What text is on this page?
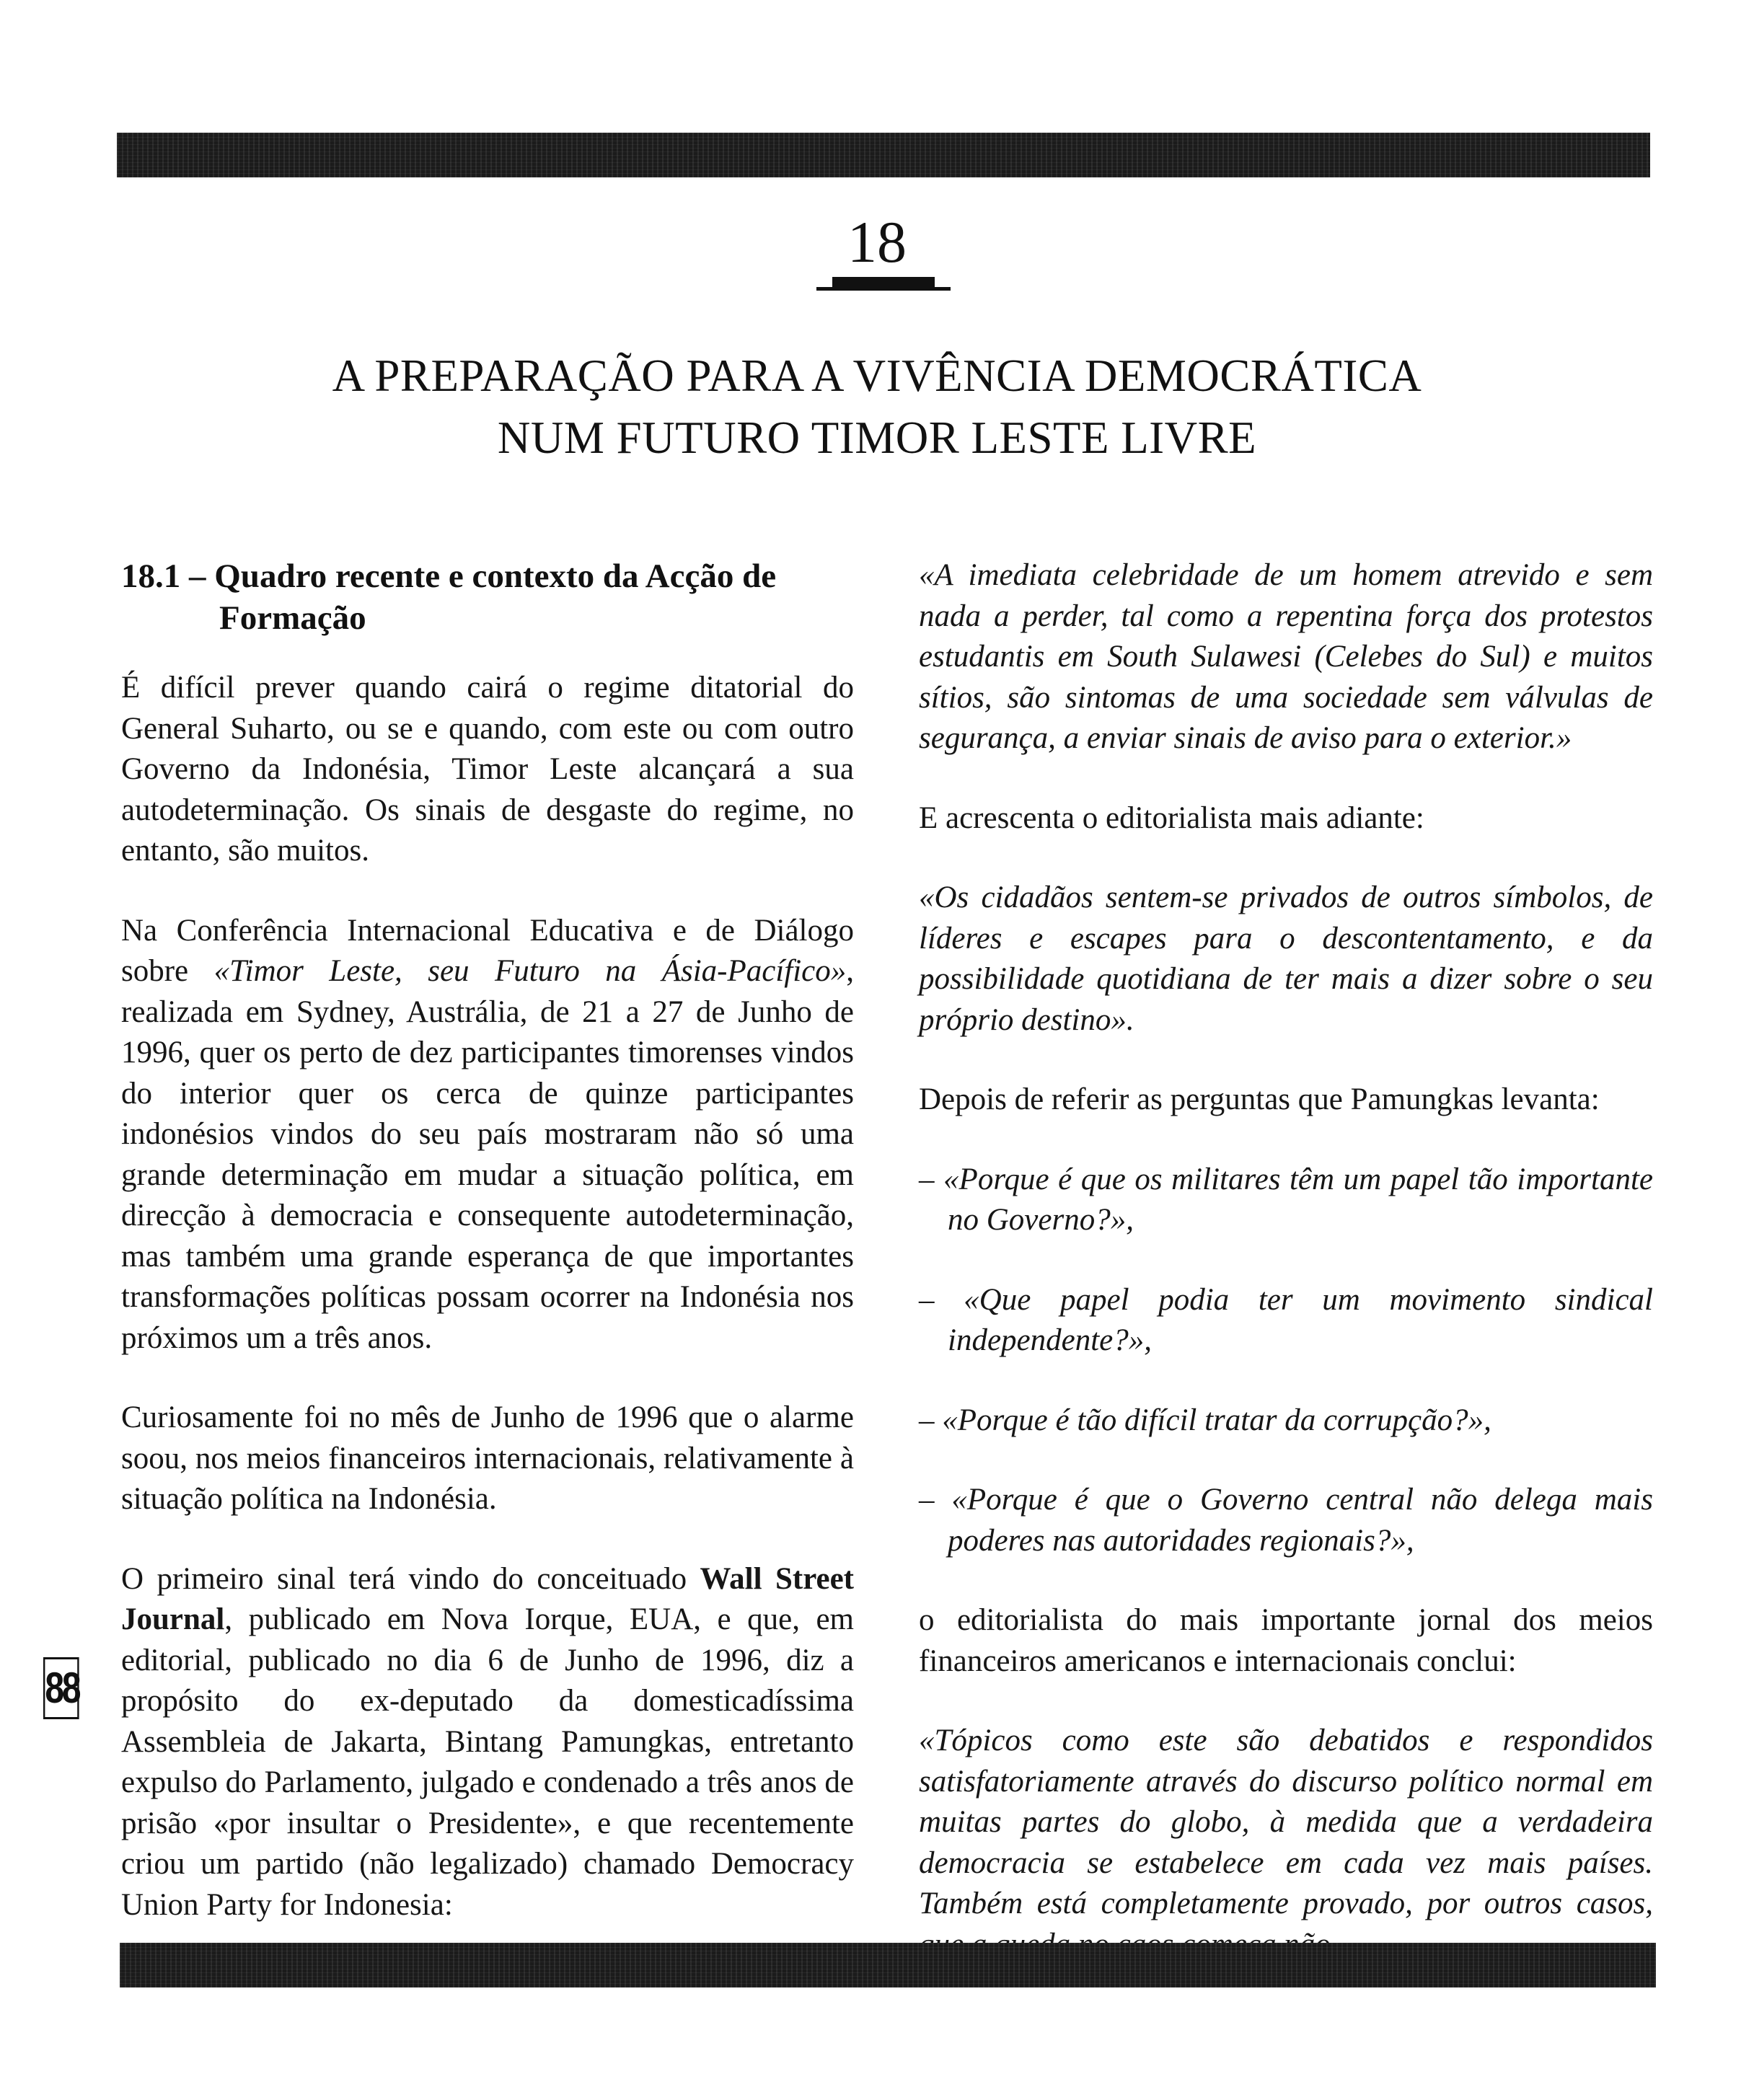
18
A PREPARAÇÃO PARA A VIVÊNCIA DEMOCRÁTICA
NUM FUTURO TIMOR LESTE LIVRE
18.1 – Quadro recente e contexto da Acção de Formação

É difícil prever quando cairá o regime ditatorial do General Suharto, ou se e quando, com este ou com outro Governo da Indonésia, Timor Leste alcançará a sua autodeterminação. Os sinais de desgaste do regime, no entanto, são muitos.

Na Conferência Internacional Educativa e de Diálogo sobre «Timor Leste, seu Futuro na Ásia-Pacífico», realizada em Sydney, Austrália, de 21 a 27 de Junho de 1996, quer os perto de dez participantes timorenses vindos do interior quer os cerca de quinze participantes indonésios vindos do seu país mostraram não só uma grande determinação em mudar a situação política, em direcção à democracia e consequente autodeterminação, mas também uma grande esperança de que importantes transformações políticas possam ocorrer na Indonésia nos próximos um a três anos.

Curiosamente foi no mês de Junho de 1996 que o alarme soou, nos meios financeiros internacionais, relativamente à situação política na Indonésia.

O primeiro sinal terá vindo do conceituado Wall Street Journal, publicado em Nova Iorque, EUA, e que, em editorial, publicado no dia 6 de Junho de 1996, diz a propósito do ex-deputado da domesticadíssima Assembleia de Jakarta, Bintang Pamungkas, entretanto expulso do Parlamento, julgado e condenado a três anos de prisão «por insultar o Presidente», e que recentemente criou um partido (não legalizado) chamado Democracy Union Party for Indonesia:

«A imediata celebridade de um homem atrevido e sem nada a perder, tal como a repentina força dos protestos estudantis em South Sulawesi (Celebes do Sul) e muitos sítios, são sintomas de uma sociedade sem válvulas de segurança, a enviar sinais de aviso para o exterior.»

E acrescenta o editorialista mais adiante:

«Os cidadãos sentem-se privados de outros símbolos, de líderes e escapes para o descontentamento, e da possibilidade quotidiana de ter mais a dizer sobre o seu próprio destino».

Depois de referir as perguntas que Pamungkas levanta:

– «Porque é que os militares têm um papel tão importante no Governo?»,
– «Que papel podia ter um movimento sindical independente?»,
– «Porque é tão difícil tratar da corrupção?»,
– «Porque é que o Governo central não delega mais poderes nas autoridades regionais?»,

o editorialista do mais importante jornal dos meios financeiros americanos e internacionais conclui:

«Tópicos como este são debatidos e respondidos satisfatoriamente através do discurso político normal em muitas partes do globo, à medida que a verdadeira democracia se estabelece em cada vez mais países. Também está completamente provado, por outros casos,

88
